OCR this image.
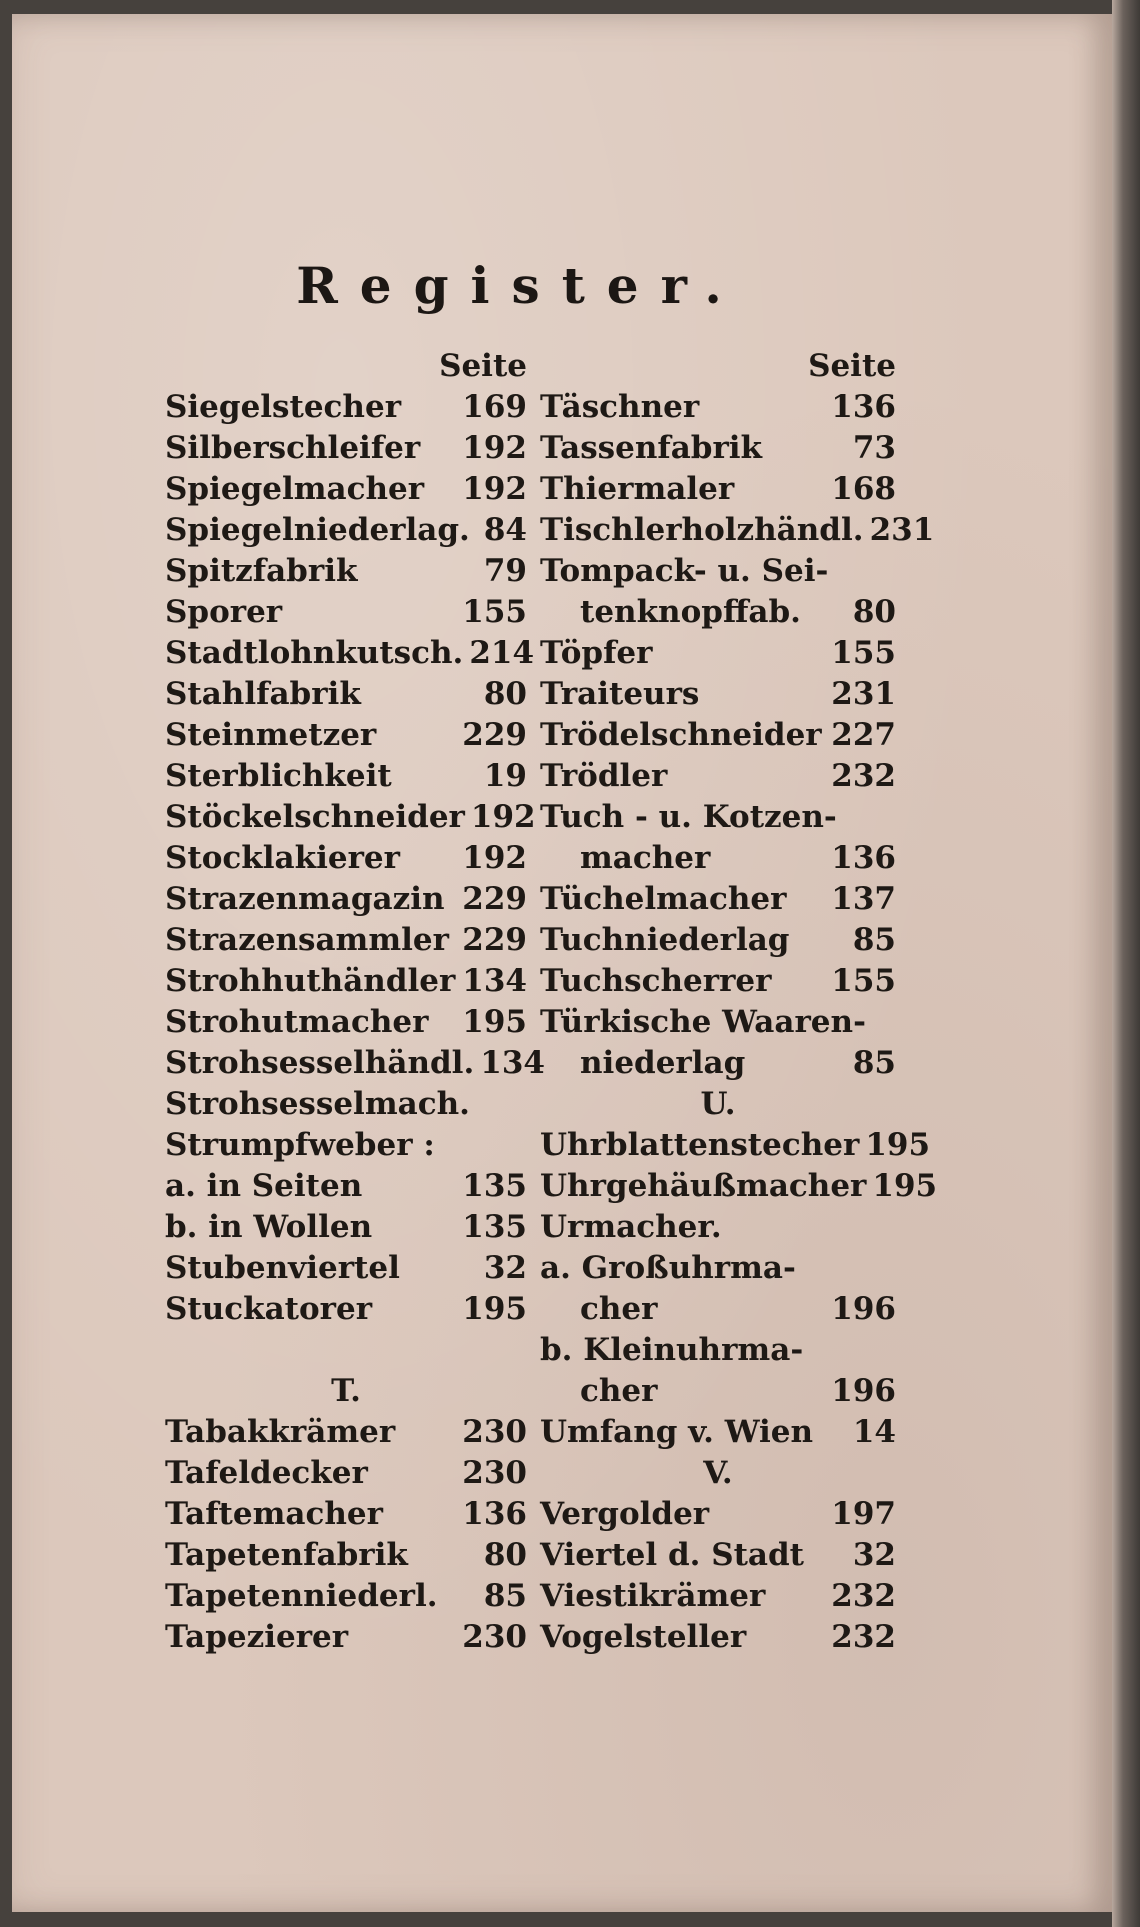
Register.
Seite
Siegelstecher 169
Silberschleifer 192
Spiegelmacher 192
Spiegelniederlag. 84
Spitzfabrik	79
Sporer	155
Stadtlohnkutsch. 214
Stahlfabrik	80
Steinmetzer	229
Sterblichkeit	19
Stöckelschneider 192
Stocklakierer 192
Strazenmagazin 229
Strazensammler 229
Strohhuthändler 134
Strohutmacher 195
Strohsesselhändl. 134
Strohsesselmach.
Strumpfweber :
a. in Seiten	135
b. in Wollen	135
Stubenviertel	32
Stuckatorer	195
T.
Tabakkrämer 230
Tafeldecker	230
Taftemacher	136
Tapetenfabrik 80
Tapetenniederl. 85
Tapezierer	230
Seite
Täschner	136
Tassenfabrik	73
Thiermaler	168
Tischlerholzhändl. 231
Tompack- u. Sei-
tenknopffab. 80
Töpfer	155
Traiteurs	231
Trödelschneider 227
Trödler	232
Tuch - u. Kotzen-
macher	136
Tüchelmacher 137
Tuchniederlag 85
Tuchscherrer 155
Türkische Waaren-
niederlag	85
U.
Uhrblattenstecher 195
Uhrgehäußmacher 195
Urmacher.
a. Großuhrma-
cher	196
b. Kleinuhrma-
cher	196
Umfang v. Wien 14
V.
Vergolder	197
Viertel d. Stadt 32
Viestikrämer 232
Vogelsteller	232
